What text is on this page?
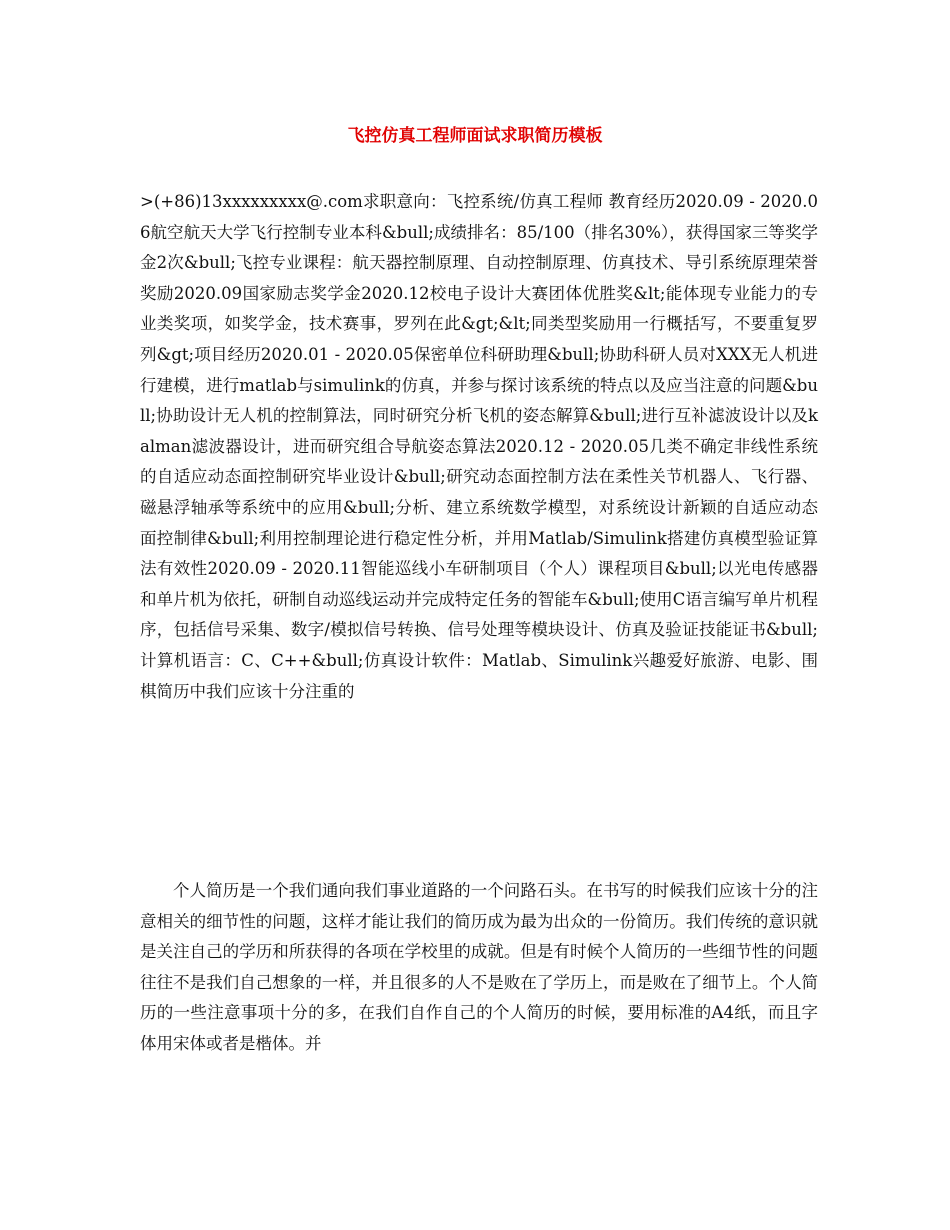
飞控仿真工程师面试求职简历模板

>(+86)13xxxxxxxxx@.com求职意向：飞控系统/仿真工程师 教育经历2020.09 - 2020.06航空航天大学飞行控制专业本科&bull;成绩排名：85/100（排名30%），获得国家三等奖学金2次&bull;飞控专业课程：航天器控制原理、自动控制原理、仿真技术、导引系统原理荣誉奖励2020.09国家励志奖学金2020.12校电子设计大赛团体优胜奖&lt;能体现专业能力的专业类奖项，如奖学金，技术赛事，罗列在此&gt;&lt;同类型奖励用一行概括写，不要重复罗列&gt;项目经历2020.01 - 2020.05保密单位科研助理&bull;协助科研人员对XXX无人机进行建模，进行matlab与simulink的仿真，并参与探讨该系统的特点以及应当注意的问题&bull;协助设计无人机的控制算法，同时研究分析飞机的姿态解算&bull;进行互补滤波设计以及kalman滤波器设计，进而研究组合导航姿态算法2020.12 - 2020.05几类不确定非线性系统的自适应动态面控制研究毕业设计&bull;研究动态面控制方法在柔性关节机器人、飞行器、磁悬浮轴承等系统中的应用&bull;分析、建立系统数学模型，对系统设计新颖的自适应动态面控制律&bull;利用控制理论进行稳定性分析，并用Matlab/Simulink搭建仿真模型验证算法有效性2020.09 - 2020.11智能巡线小车研制项目（个人）课程项目&bull;以光电传感器和单片机为依托，研制自动巡线运动并完成特定任务的智能车&bull;使用C语言编写单片机程序，包括信号采集、数字/模拟信号转换、信号处理等模块设计、仿真及验证技能证书&bull;计算机语言：C、C++&bull;仿真设计软件：Matlab、Simulink兴趣爱好旅游、电影、围棋简历中我们应该十分注重的

个人简历是一个我们通向我们事业道路的一个问路石头。在书写的时候我们应该十分的注意相关的细节性的问题，这样才能让我们的简历成为最为出众的一份简历。我们传统的意识就是关注自己的学历和所获得的各项在学校里的成就。但是有时候个人简历的一些细节性的问题往往不是我们自己想象的一样，并且很多的人不是败在了学历上，而是败在了细节上。个人简历的一些注意事项十分的多，在我们自作自己的个人简历的时候，要用标准的A4纸，而且字体用宋体或者是楷体。并
